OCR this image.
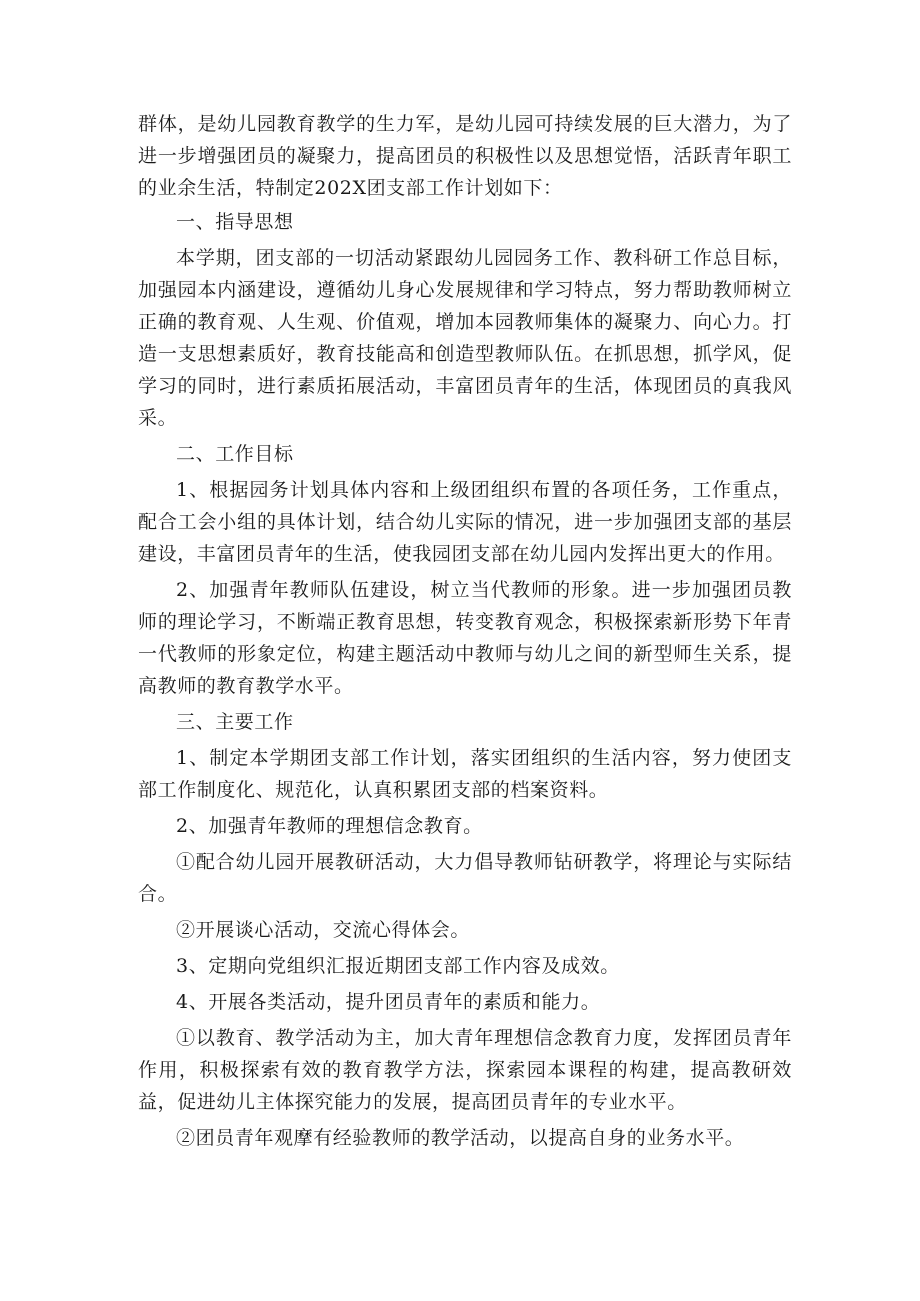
群体，是幼儿园教育教学的生力军，是幼儿园可持续发展的巨大潜力，为了进一步增强团员的凝聚力，提高团员的积极性以及思想觉悟，活跃青年职工的业余生活，特制定202X团支部工作计划如下：

一、指导思想

本学期，团支部的一切活动紧跟幼儿园园务工作、教科研工作总目标，加强园本内涵建设，遵循幼儿身心发展规律和学习特点，努力帮助教师树立正确的教育观、人生观、价值观，增加本园教师集体的凝聚力、向心力。打造一支思想素质好，教育技能高和创造型教师队伍。在抓思想，抓学风，促学习的同时，进行素质拓展活动，丰富团员青年的生活，体现团员的真我风采。

二、工作目标

1、根据园务计划具体内容和上级团组织布置的各项任务，工作重点，配合工会小组的具体计划，结合幼儿实际的情况，进一步加强团支部的基层建设，丰富团员青年的生活，使我园团支部在幼儿园内发挥出更大的作用。

2、加强青年教师队伍建设，树立当代教师的形象。进一步加强团员教师的理论学习，不断端正教育思想，转变教育观念，积极探索新形势下年青一代教师的形象定位，构建主题活动中教师与幼儿之间的新型师生关系，提高教师的教育教学水平。

三、主要工作

1、制定本学期团支部工作计划，落实团组织的生活内容，努力使团支部工作制度化、规范化，认真积累团支部的档案资料。

2、加强青年教师的理想信念教育。

①配合幼儿园开展教研活动，大力倡导教师钻研教学，将理论与实际结合。

②开展谈心活动，交流心得体会。

3、定期向党组织汇报近期团支部工作内容及成效。

4、开展各类活动，提升团员青年的素质和能力。

①以教育、教学活动为主，加大青年理想信念教育力度，发挥团员青年作用，积极探索有效的教育教学方法，探索园本课程的构建，提高教研效益，促进幼儿主体探究能力的发展，提高团员青年的专业水平。

②团员青年观摩有经验教师的教学活动，以提高自身的业务水平。
